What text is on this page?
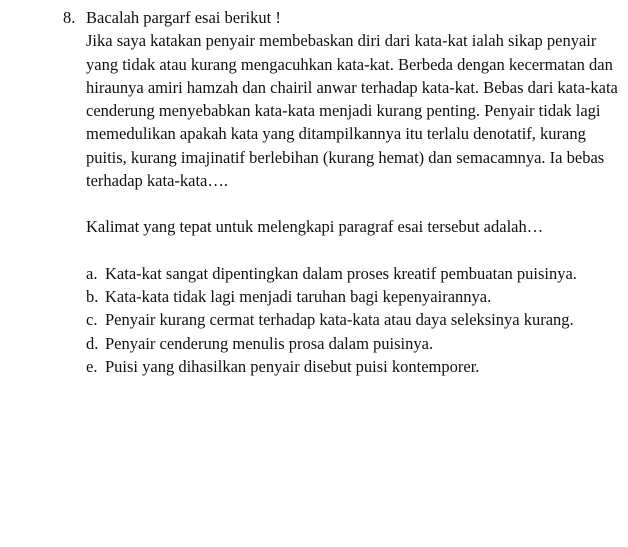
8. Bacalah pargarf esai berikut !

Jika saya katakan penyair membebaskan diri dari kata-kat ialah sikap penyair yang tidak atau kurang mengacuhkan kata-kat. Berbeda dengan kecermatan dan hiraunya amiri hamzah dan chairil anwar terhadap kata-kat. Bebas dari kata-kata cenderung menyebabkan kata-kata menjadi kurang penting. Penyair tidak lagi memedulikan apakah kata yang ditampilkannya itu terlalu denotatif, kurang puitis, kurang imajinatif berlebihan (kurang hemat) dan semacamnya. Ia bebas terhadap kata-kata….

Kalimat yang tepat untuk melengkapi paragraf esai tersebut adalah…

a. Kata-kat sangat dipentingkan dalam proses kreatif pembuatan puisinya.
b. Kata-kata tidak lagi menjadi taruhan bagi kepenyairannya.
c. Penyair kurang cermat terhadap kata-kata atau daya seleksinya kurang.
d. Penyair cenderung menulis prosa dalam puisinya.
e. Puisi yang dihasilkan penyair disebut puisi kontemporer.
